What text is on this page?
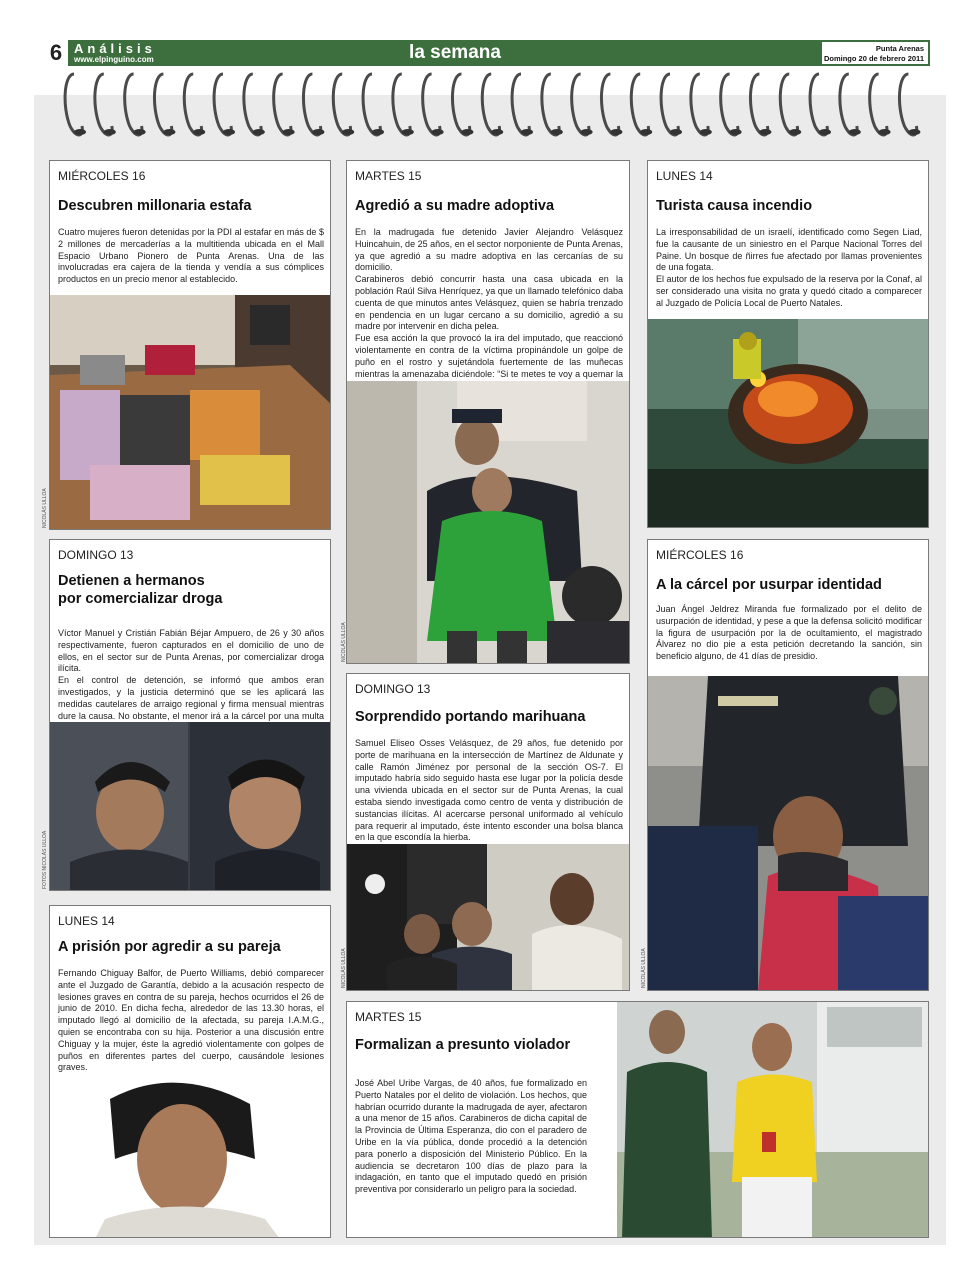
6 Análisis
www.elpinguino.com	la semana	Punta Arenas
Domingo 20 de febrero 2011
MIÉRCOLES 16
Descubren millonaria estafa
Cuatro mujeres fueron detenidas por la PDI al estafar en más de $ 2 millones de mercaderías a la multitienda ubicada en el Mall Espacio Urbano Pionero de Punta Arenas. Una de las involucradas era cajera de la tienda y vendía a sus cómplices productos en un precio menor al establecido.
NICOLÁS ULLOA
MARTES 15
Agredió a su madre adoptiva
En la madrugada fue detenido Javier Alejandro Velásquez Huincahuin, de 25 años, en el sector norponiente de Punta Arenas, ya que agredió a su madre adoptiva en las cercanías de su domicilio.
Carabineros debió concurrir hasta una casa ubicada en la población Raúl Silva Henríquez, ya que un llamado telefónico daba cuenta de que minutos antes Velásquez, quien se habría trenzado en pendencia en un lugar cercano a su domicilio, agredió a su madre por intervenir en dicha pelea.
Fue esa acción la que provocó la ira del imputado, que reaccionó violentamente en contra de la víctima propinándole un golpe de puño en el rostro y sujetándola fuertemente de las muñecas mientras la amenazaba diciéndole: “Si te metes te voy a quemar la
NICOLÁS ULLOA
LUNES 14
Turista causa incendio
La irresponsabilidad de un israelí, identificado como Segen Liad, fue la causante de un siniestro en el Parque Nacional Torres del Paine. Un bosque de ñirres fue afectado por llamas provenientes de una fogata.
El autor de los hechos fue expulsado de la reserva por la Conaf, al ser considerado una visita no grata y quedó citado a comparecer al Juzgado de Policía Local de Puerto Natales.
DOMINGO 13
Detienen a hermanos
por comercializar droga
Víctor Manuel y Cristián Fabián Béjar Ampuero, de 26 y 30 años respectivamente, fueron capturados en el domicilio de uno de ellos, en el sector sur de Punta Arenas, por comercializar droga ilícita.
En el control de detención, se informó que ambos eran investigados, y la justicia determinó que se les aplicará las medidas cautelares de arraigo regional y firma mensual mientras dure la causa. No obstante, el menor irá a la cárcel por una multa
FOTOS NICOLÁS ULLOA
MIÉRCOLES 16
A la cárcel por usurpar identidad
Juan Ángel Jeldrez Miranda fue formalizado por el delito de usurpación de identidad, y pese a que la defensa solicitó modificar la figura de usurpación por la de ocultamiento, el magistrado Álvarez no dio pie a esta petición decretando la sanción, sin beneficio alguno, de 41 días de presidio.
NICOLÁS ULLOA
DOMINGO 13
Sorprendido portando marihuana
Samuel Eliseo Osses Velásquez, de 29 años, fue detenido por porte de marihuana en la intersección de Martínez de Aldunate y calle Ramón Jiménez por personal de la sección OS-7. El imputado habría sido seguido hasta ese lugar por la policía desde una vivienda ubicada en el sector sur de Punta Arenas, la cual estaba siendo investigada como centro de venta y distribución de sustancias ilícitas. Al acercarse personal uniformado al vehículo para requerir al imputado, éste intento esconder una bolsa blanca en la que escondía la hierba.
NICOLÁS ULLOA
LUNES 14
A prisión por agredir a su pareja
Fernando Chiguay Balfor, de Puerto Williams, debió comparecer ante el Juzgado de Garantía, debido a la acusación respecto de lesiones graves en contra de su pareja, hechos ocurridos el 26 de junio de 2010. En dicha fecha, alrededor de las 13.30 horas, el imputado llegó al domicilio de la afectada, su pareja I.A.M.G., quien se encontraba con su hija. Posterior a una discusión entre Chiguay y la mujer, éste la agredió violentamente con golpes de puños en diferentes partes del cuerpo, causándole lesiones graves.
MARTES 15
Formalizan a presunto violador
José Abel Uribe Vargas, de 40 años, fue formalizado en Puerto Natales por el delito de violación. Los hechos, que habrían ocurrido durante la madrugada de ayer, afectaron a una menor de 15 años. Carabineros de dicha capital de la Provincia de Última Esperanza, dio con el paradero de Uribe en la vía pública, donde procedió a la detención para ponerlo a disposición del Ministerio Público. En la audiencia se decretaron 100 días de plazo para la indagación, en tanto que el imputado quedó en prisión preventiva por considerarlo un peligro para la sociedad.
